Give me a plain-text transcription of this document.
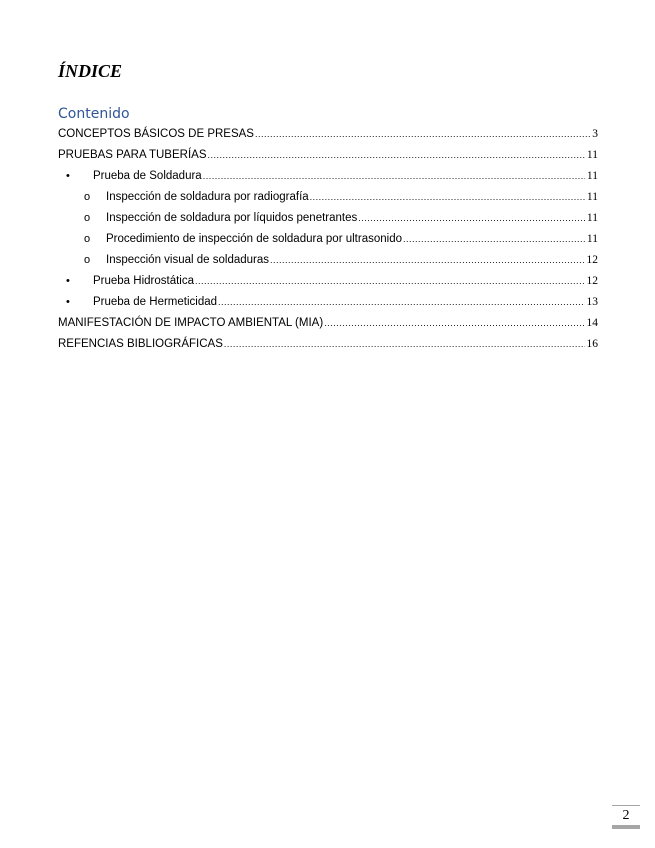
ÍNDICE
Contenido
CONCEPTOS BÁSICOS DE PRESAS .....	3
PRUEBAS PARA TUBERÍAS .....	11
• Prueba de Soldadura .....	11
o Inspección de soldadura por radiografía .....	11
o Inspección de soldadura por líquidos penetrantes .....	11
o Procedimiento de inspección de soldadura por ultrasonido .....	11
o Inspección visual de soldaduras .....	12
• Prueba Hidrostática .....	12
• Prueba de Hermeticidad .....	13
MANIFESTACIÓN DE IMPACTO AMBIENTAL (MIA) .....	14
REFENCIAS BIBLIOGRÁFICAS .....	16
2
